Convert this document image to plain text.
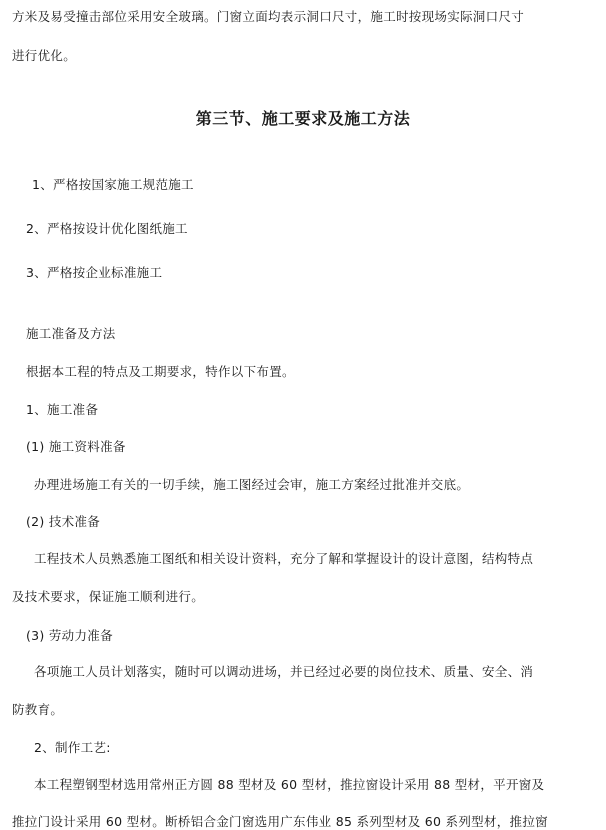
方米及易受撞击部位采用安全玻璃。门窗立面均表示洞口尺寸，施工时按现场实际洞口尺寸
进行优化。
第三节、施工要求及施工方法
1、严格按国家施工规范施工
2、严格按设计优化图纸施工
3、严格按企业标准施工
施工准备及方法
根据本工程的特点及工期要求，特作以下布置。
1、施工准备
(1) 施工资料准备
办理进场施工有关的一切手续，施工图经过会审，施工方案经过批准并交底。
(2) 技术准备
工程技术人员熟悉施工图纸和相关设计资料，充分了解和掌握设计的设计意图，结构特点
及技术要求，保证施工顺利进行。
(3) 劳动力准备
各项施工人员计划落实，随时可以调动进场，并已经过必要的岗位技术、质量、安全、消
防教育。
2、制作工艺:
本工程塑钢型材选用常州正方圆 88 型材及 60 型材，推拉窗设计采用 88 型材，平开窗及
推拉门设计采用 60 型材。断桥铝合金门窗选用广东伟业 85 系列型材及 60 系列型材，推拉窗
